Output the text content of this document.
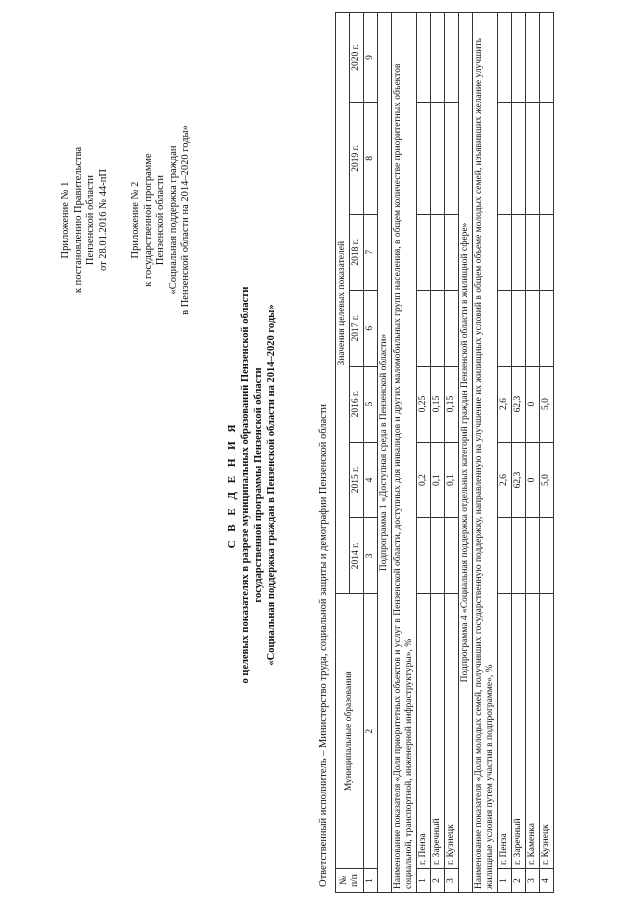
Приложение № 1 к постановлению Правительства Пензенской области от 28.01.2016 № 44-пП Приложение № 2 к государственной программе Пензенской области «Социальная поддержка граждан в Пензенской области на 2014–2020 годы»
С В Е Д Е Н И Я о целевых показателях в разрезе муниципальных образований Пензенской области государственной программы Пензенской области «Социальная поддержка граждан в Пензенской области на 2014–2020 годы»	Ответственный исполнитель – Министерство труда, социальной защиты и демографии Пензенской области № п/п	Муниципальные образования	Значения целевых показателей						
		2014 г.	2015 г.	2016 г.	2017 г.	2018 г.	2019 г.	2020 г.
1	2	3	4	5	6	7	8	9
Подпрограмма 1 «Доступная среда в Пензенской области»								
Наименование показателя «Доля приоритетных объектов и услуг в Пензенской области, доступных для инвалидов и других маломобильных групп населения, в общем количестве приоритетных объектов социальной, транспортной, инженерной инфраструктуры», %								
1	г. Пенза		0,2	0,25				
2	г. Заречный		0,1	0,15				
3	г. Кузнецк		0,1	0,15				
Подпрограмма 4 «Социальная поддержка отдельных категорий граждан Пензенской области в жилищной сфере»								
Наименование показателя «Доля молодых семей, получивших государственную поддержку, направленную на улучшение их жилищных условий в общем объеме молодых семей, изъявивших желание улучшить жилищные условия путем участия в подпрограмме», %								
1	г. Пенза		2,6	2,6				
2	г. Заречный		62,3	62,3				
3	г. Каменка		0	0				
4	г. Кузнецк		5,0	5,0				
